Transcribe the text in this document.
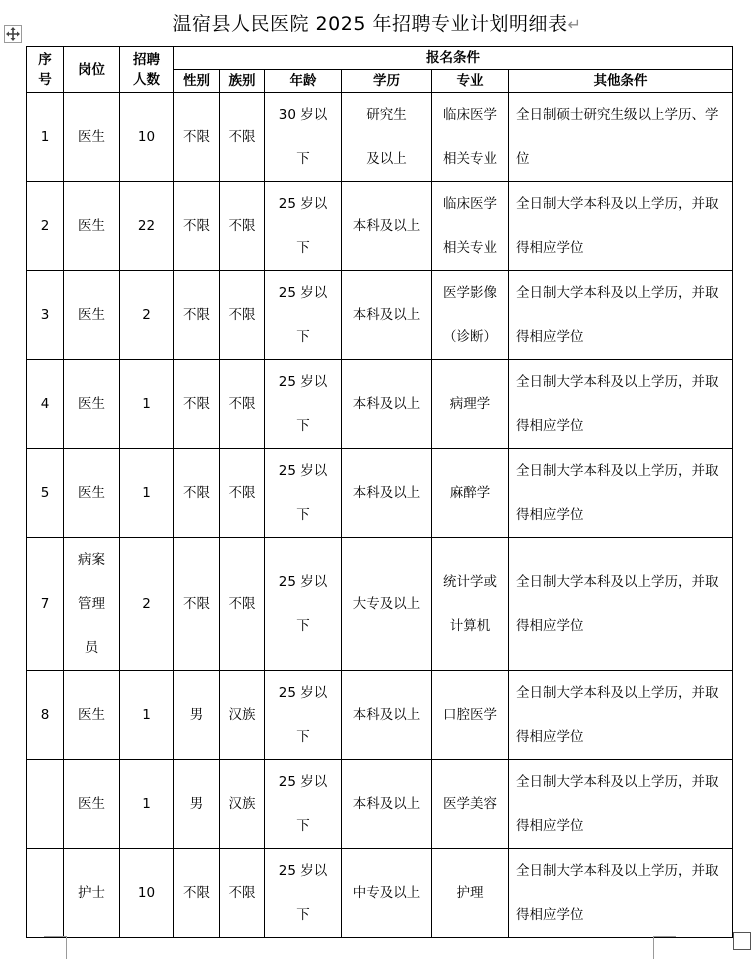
温宿县人民医院 2025 年招聘专业计划明细表↵
序号	岗位	招聘人数	报名条件					
			性别	族别	年龄	学历	专业	其他条件
1	医生	10	不限	不限	30 岁以下	研究生及以上	临床医学相关专业	全日制硕士研究生级以上学历、学位
2	医生	22	不限	不限	25 岁以下	本科及以上	临床医学相关专业	全日制大学本科及以上学历，并取得相应学位
3	医生	2	不限	不限	25 岁以下	本科及以上	医学影像（诊断）	全日制大学本科及以上学历，并取得相应学位
4	医生	1	不限	不限	25 岁以下	本科及以上	病理学	全日制大学本科及以上学历，并取得相应学位
5	医生	1	不限	不限	25 岁以下	本科及以上	麻醉学	全日制大学本科及以上学历，并取得相应学位
7	病案管理员	2	不限	不限	25 岁以下	大专及以上	统计学或计算机	全日制大学本科及以上学历，并取得相应学位
8	医生	1	男	汉族	25 岁以下	本科及以上	口腔医学	全日制大学本科及以上学历，并取得相应学位
	医生	1	男	汉族	25 岁以下	本科及以上	医学美容	全日制大学本科及以上学历，并取得相应学位
	护士	10	不限	不限	25 岁以下	中专及以上	护理	全日制大学本科及以上学历，并取得相应学位
